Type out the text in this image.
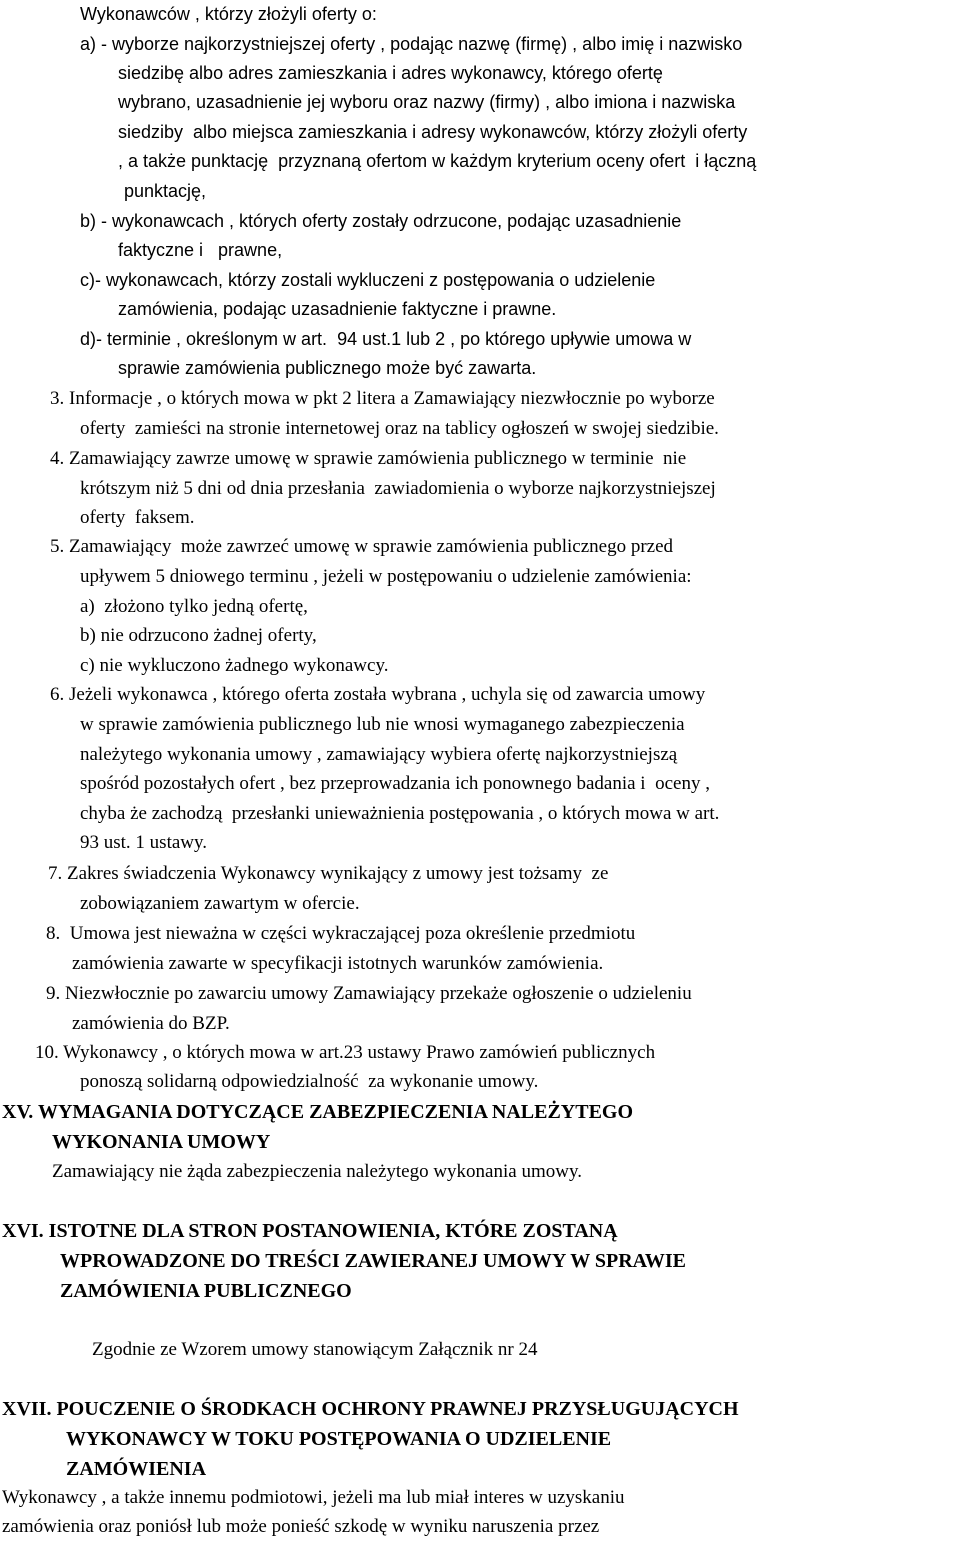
Wykonawców , którzy złożyli oferty o:
a) - wyborze najkorzystniejszej oferty , podając nazwę (firmę) , albo imię i nazwisko
siedzibę albo adres zamieszkania i adres wykonawcy, którego ofertę
wybrano, uzasadnienie jej wyboru oraz nazwy (firmy) , albo imiona i nazwiska
siedziby  albo miejsca zamieszkania i adresy wykonawców, którzy złożyli oferty
, a także punktację  przyznaną ofertom w każdym kryterium oceny ofert  i łączną
punktację,
b) - wykonawcach , których oferty zostały odrzucone, podając uzasadnienie
faktyczne i   prawne,
c)- wykonawcach, którzy zostali wykluczeni z postępowania o udzielenie
zamówienia, podając uzasadnienie faktyczne i prawne.
d)- terminie , określonym w art.  94 ust.1 lub 2 , po którego upływie umowa w
sprawie zamówienia publicznego może być zawarta.
3. Informacje , o których mowa w pkt 2 litera a Zamawiający niezwłocznie po wyborze
oferty  zamieści na stronie internetowej oraz na tablicy ogłoszeń w swojej siedzibie.
4. Zamawiający zawrze umowę w sprawie zamówienia publicznego w terminie  nie
krótszym niż 5 dni od dnia przesłania  zawiadomienia o wyborze najkorzystniejszej
oferty  faksem.
5. Zamawiający  może zawrzeć umowę w sprawie zamówienia publicznego przed
upływem 5 dniowego terminu , jeżeli w postępowaniu o udzielenie zamówienia:
a)  złożono tylko jedną ofertę,
b) nie odrzucono żadnej oferty,
c) nie wykluczono żadnego wykonawcy.
6. Jeżeli wykonawca , którego oferta została wybrana , uchyla się od zawarcia umowy
w sprawie zamówienia publicznego lub nie wnosi wymaganego zabezpieczenia
należytego wykonania umowy , zamawiający wybiera ofertę najkorzystniejszą
spośród pozostałych ofert , bez przeprowadzania ich ponownego badania i  oceny ,
chyba że zachodzą  przesłanki unieważnienia postępowania , o których mowa w art.
93 ust. 1 ustawy.
7. Zakres świadczenia Wykonawcy wynikający z umowy jest tożsamy  ze
zobowiązaniem zawartym w ofercie.
8.  Umowa jest nieważna w części wykraczającej poza określenie przedmiotu
zamówienia zawarte w specyfikacji istotnych warunków zamówienia.
9. Niezwłocznie po zawarciu umowy Zamawiający przekaże ogłoszenie o udzieleniu
zamówienia do BZP.
10. Wykonawcy , o których mowa w art.23 ustawy Prawo zamówień publicznych
ponoszą solidarną odpowiedzialność  za wykonanie umowy.
XV. WYMAGANIA DOTYCZĄCE ZABEZPIECZENIA NALEŻYTEGO
WYKONANIA UMOWY
Zamawiający nie żąda zabezpieczenia należytego wykonania umowy.
XVI. ISTOTNE DLA STRON POSTANOWIENIA, KTÓRE ZOSTANĄ
WPROWADZONE DO TREŚCI ZAWIERANEJ UMOWY W SPRAWIE
ZAMÓWIENIA PUBLICZNEGO
Zgodnie ze Wzorem umowy stanowiącym Załącznik nr 24
XVII. POUCZENIE O ŚRODKACH OCHRONY PRAWNEJ PRZYSŁUGUJĄCYCH
WYKONAWCY W TOKU POSTĘPOWANIA O UDZIELENIE
ZAMÓWIENIA
Wykonawcy , a także innemu podmiotowi, jeżeli ma lub miał interes w uzyskaniu
zamówienia oraz poniósł lub może ponieść szkodę w wyniku naruszenia przez
